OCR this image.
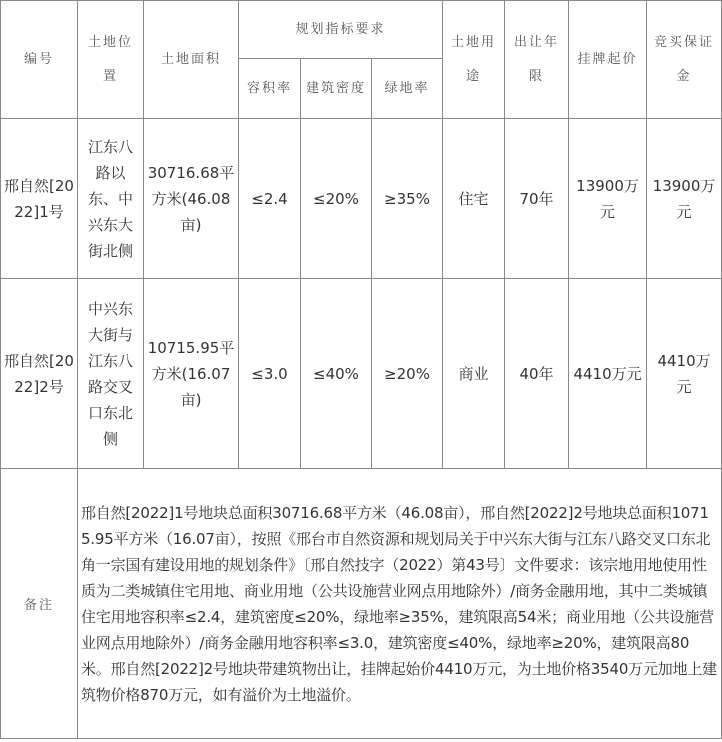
编号	土地位置	土地面积	规划指标要求			土地用途	出让年限	挂牌起价	竞买保证金

			容积率	建筑密度	绿地率				

邢自然[2022]1号	江东八路以东、中兴东大街北侧	30716.68平方米(46.08亩)	≤2.4	≤20%	≥35%	住宅	70年	13900万元	13900万元

邢自然[2022]2号	中兴东大街与江东八路交叉口东北侧	10715.95平方米(16.07亩)	≤3.0	≤40%	≥20%	商业	40年	4410万元	4410万元

备注	邢自然[2022]1号地块总面积30716.68平方米（46.08亩），邢自然[2022]2号地块总面积10715.95平方米（16.07亩），按照《邢台市自然资源和规划局关于中兴东大街与江东八路交叉口东北角一宗国有建设用地的规划条件》〔邢自然技字（2022）第43号〕文件要求：该宗地用地使用性质为二类城镇住宅用地、商业用地（公共设施营业网点用地除外）/商务金融用地，其中二类城镇住宅用地容积率≤2.4，建筑密度≤20%，绿地率≥35%，建筑限高54米；商业用地（公共设施营业网点用地除外）/商务金融用地容积率≤3.0，建筑密度≤40%，绿地率≥20%，建筑限高80米。邢自然[2022]2号地块带建筑物出让，挂牌起始价4410万元，为土地价格3540万元加地上建筑物价格870万元，如有溢价为土地溢价。								
